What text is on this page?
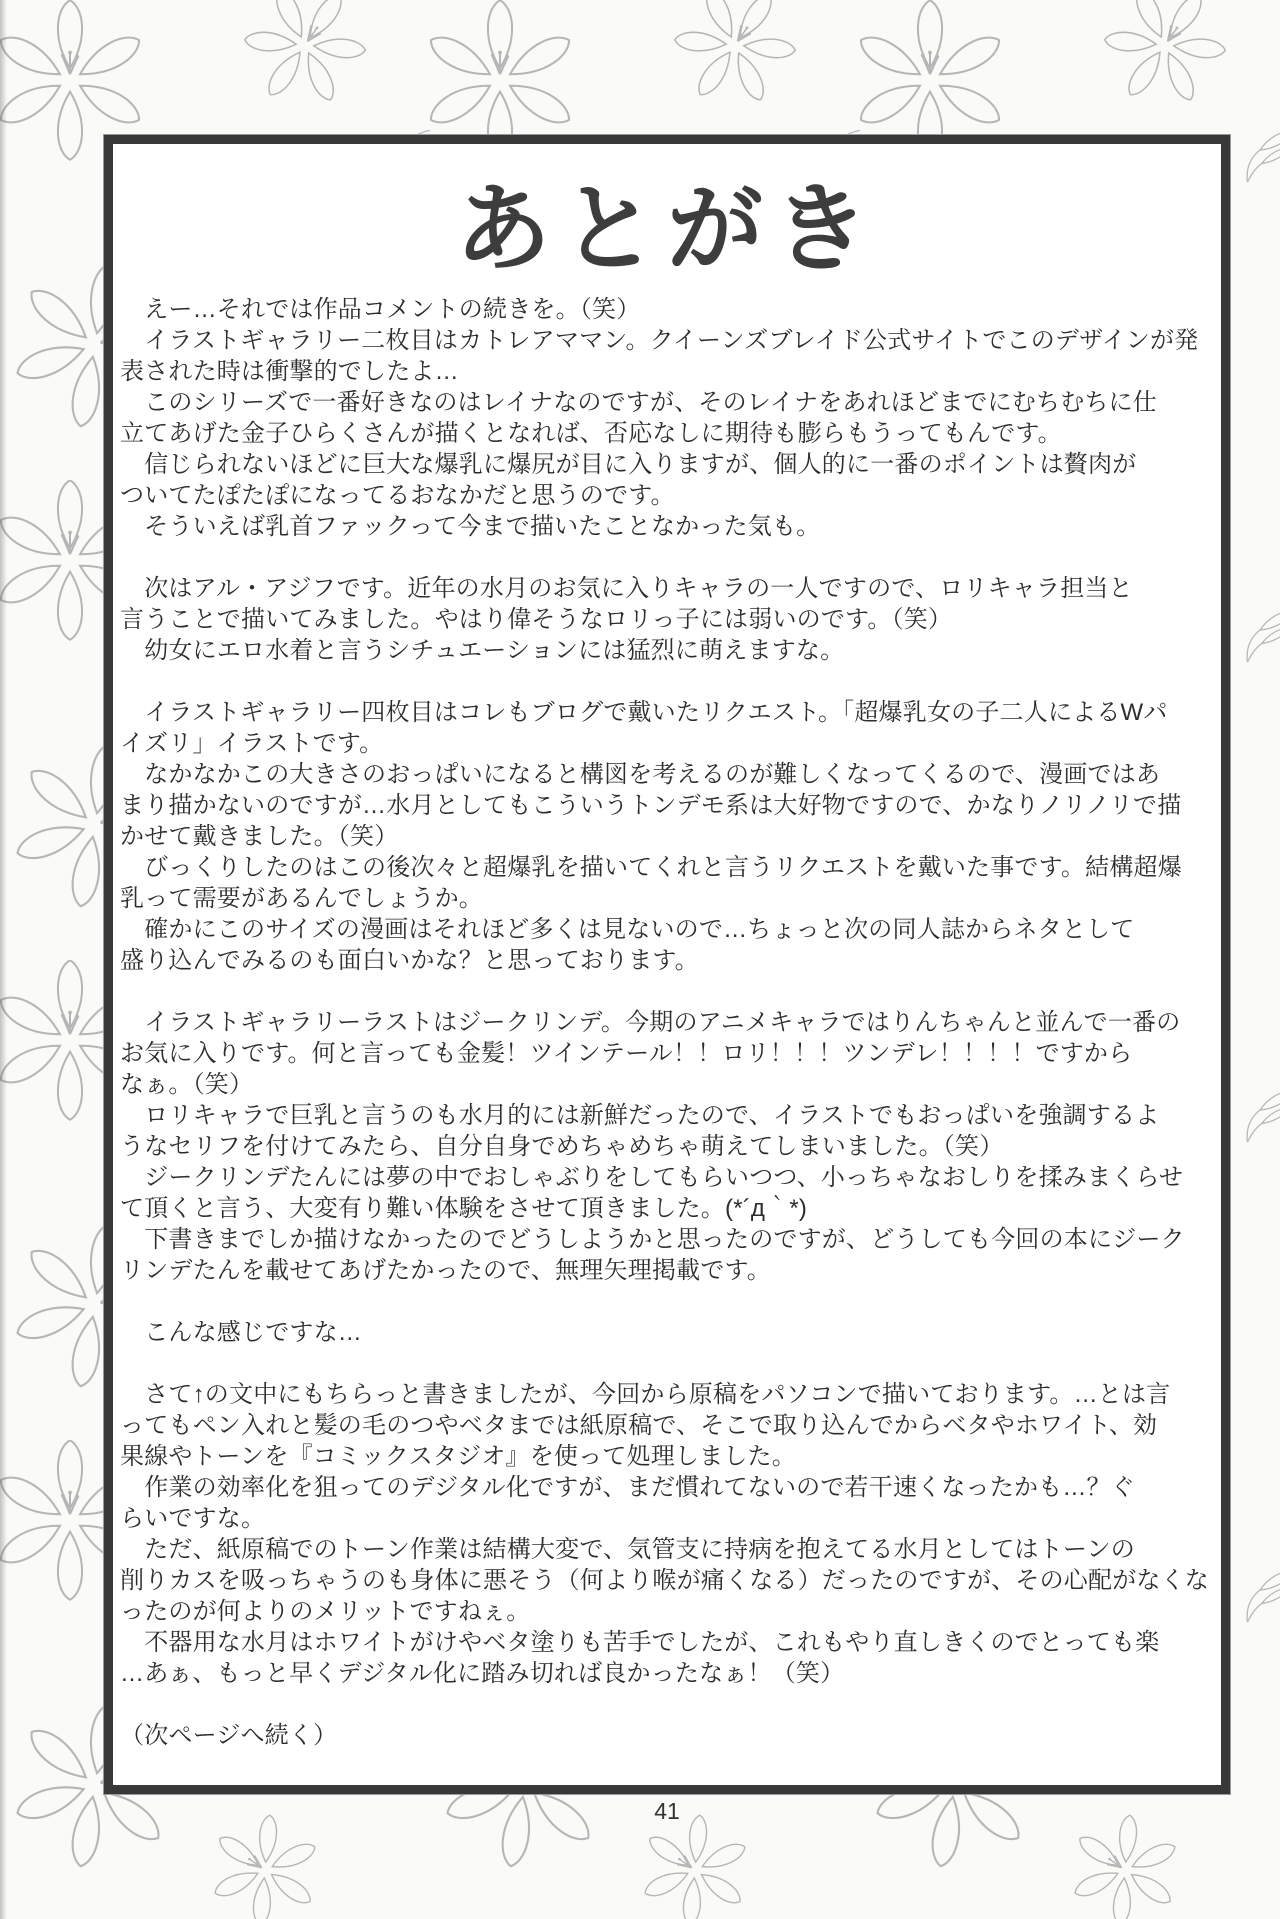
あとがき
　えー…それでは作品コメントの続きを。（笑）
　イラストギャラリー二枚目はカトレアママン。クイーンズブレイド公式サイトでこのデザインが発
表された時は衝撃的でしたよ…
　このシリーズで一番好きなのはレイナなのですが、そのレイナをあれほどまでにむちむちに仕
立てあげた金子ひらくさんが描くとなれば、否応なしに期待も膨らもうってもんです。
　信じられないほどに巨大な爆乳に爆尻が目に入りますが、個人的に一番のポイントは贅肉が
ついてたぽたぽになってるおなかだと思うのです。
　そういえば乳首ファックって今まで描いたことなかった気も。
　次はアル・アジフです。近年の水月のお気に入りキャラの一人ですので、ロリキャラ担当と
言うことで描いてみました。やはり偉そうなロリっ子には弱いのです。（笑）
　幼女にエロ水着と言うシチュエーションには猛烈に萌えますな。
　イラストギャラリー四枚目はコレもブログで戴いたリクエスト。「超爆乳女の子二人によるWパ
イズリ」イラストです。
　なかなかこの大きさのおっぱいになると構図を考えるのが難しくなってくるので、漫画ではあ
まり描かないのですが…水月としてもこういうトンデモ系は大好物ですので、かなりノリノリで描
かせて戴きました。（笑）
　びっくりしたのはこの後次々と超爆乳を描いてくれと言うリクエストを戴いた事です。結構超爆
乳って需要があるんでしょうか。
　確かにこのサイズの漫画はそれほど多くは見ないので…ちょっと次の同人誌からネタとして
盛り込んでみるのも面白いかな？と思っております。
　イラストギャラリーラストはジークリンデ。今期のアニメキャラではりんちゃんと並んで一番の
お気に入りです。何と言っても金髪！ツインテール！！ロリ！！！ツンデレ！！！！ですから
なぁ。（笑）
　ロリキャラで巨乳と言うのも水月的には新鮮だったので、イラストでもおっぱいを強調するよ
うなセリフを付けてみたら、自分自身でめちゃめちゃ萌えてしまいました。（笑）
　ジークリンデたんには夢の中でおしゃぶりをしてもらいつつ、小っちゃなおしりを揉みまくらせ
て頂くと言う、大変有り難い体験をさせて頂きました。(*´д｀*)
　下書きまでしか描けなかったのでどうしようかと思ったのですが、どうしても今回の本にジーク
リンデたんを載せてあげたかったので、無理矢理掲載です。
　こんな感じですな…
　さて↑の文中にもちらっと書きましたが、今回から原稿をパソコンで描いております。…とは言
ってもペン入れと髪の毛のつやベタまでは紙原稿で、そこで取り込んでからベタやホワイト、効
果線やトーンを『コミックスタジオ』を使って処理しました。
　作業の効率化を狙ってのデジタル化ですが、まだ慣れてないので若干速くなったかも…？ぐ
らいですな。
　ただ、紙原稿でのトーン作業は結構大変で、気管支に持病を抱えてる水月としてはトーンの
削りカスを吸っちゃうのも身体に悪そう（何より喉が痛くなる）だったのですが、その心配がなくな
ったのが何よりのメリットですねぇ。
　不器用な水月はホワイトがけやベタ塗りも苦手でしたが、これもやり直しきくのでとっても楽
…あぁ、もっと早くデジタル化に踏み切れば良かったなぁ！（笑）
（次ページへ続く）
41
